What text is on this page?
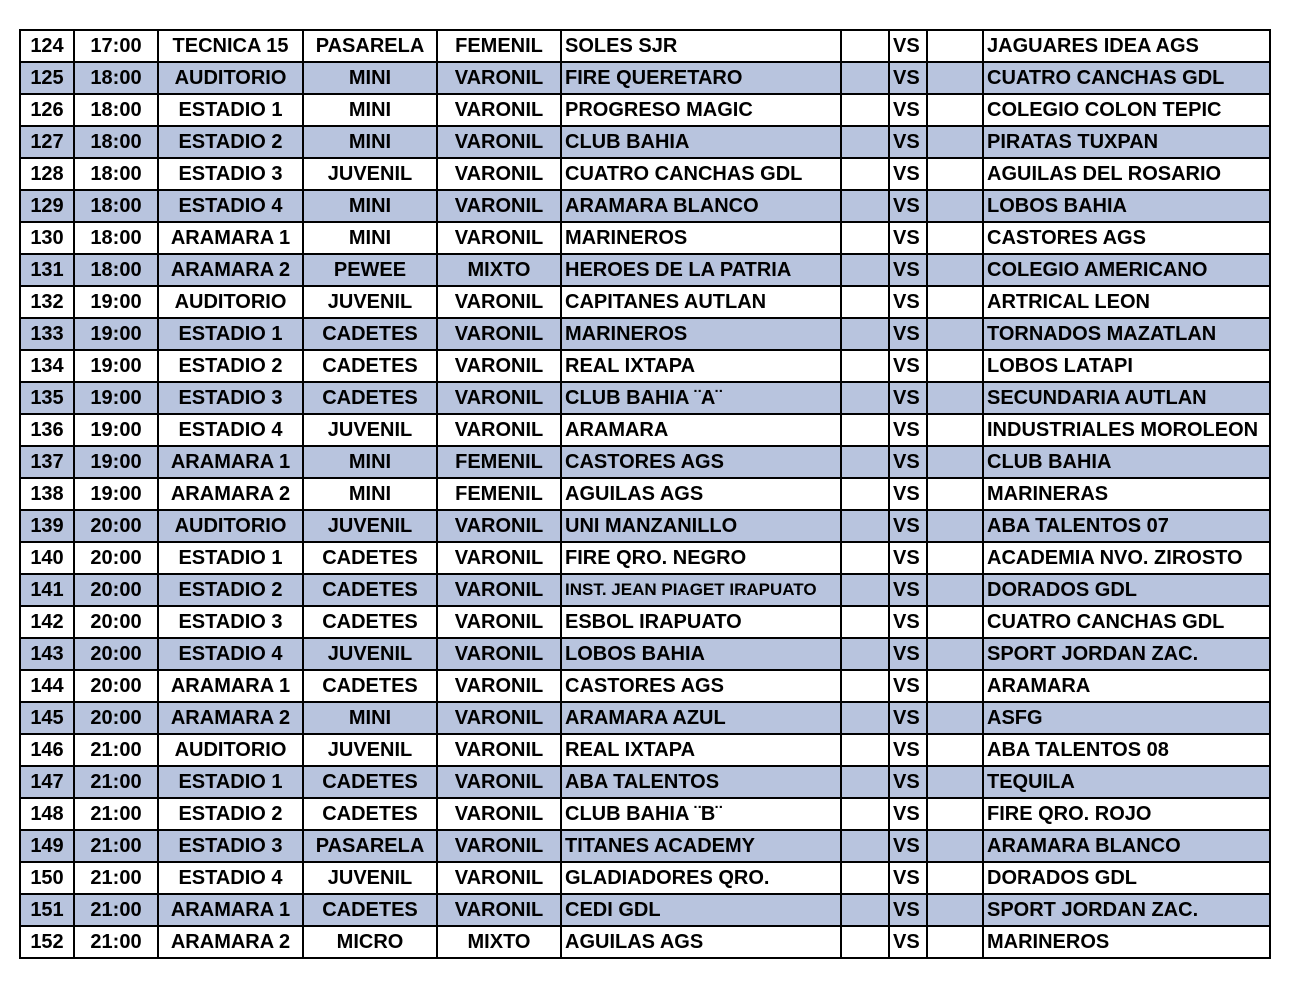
124	17:00	TECNICA 15	PASARELA	FEMENIL	SOLES SJR		VS		JAGUARES IDEA AGS
125	18:00	AUDITORIO	MINI	VARONIL	FIRE QUERETARO		VS		CUATRO CANCHAS GDL
126	18:00	ESTADIO 1	MINI	VARONIL	PROGRESO MAGIC		VS		COLEGIO COLON TEPIC
127	18:00	ESTADIO 2	MINI	VARONIL	CLUB BAHIA		VS		PIRATAS TUXPAN
128	18:00	ESTADIO 3	JUVENIL	VARONIL	CUATRO CANCHAS GDL		VS		AGUILAS DEL ROSARIO
129	18:00	ESTADIO 4	MINI	VARONIL	ARAMARA BLANCO		VS		LOBOS BAHIA
130	18:00	ARAMARA 1	MINI	VARONIL	MARINEROS		VS		CASTORES AGS
131	18:00	ARAMARA 2	PEWEE	MIXTO	HEROES DE LA PATRIA		VS		COLEGIO AMERICANO
132	19:00	AUDITORIO	JUVENIL	VARONIL	CAPITANES AUTLAN		VS		ARTRICAL LEON
133	19:00	ESTADIO 1	CADETES	VARONIL	MARINEROS		VS		TORNADOS MAZATLAN
134	19:00	ESTADIO 2	CADETES	VARONIL	REAL IXTAPA		VS		LOBOS LATAPI
135	19:00	ESTADIO 3	CADETES	VARONIL	CLUB BAHIA ¨A¨		VS		SECUNDARIA AUTLAN
136	19:00	ESTADIO 4	JUVENIL	VARONIL	ARAMARA		VS		INDUSTRIALES MOROLEON
137	19:00	ARAMARA 1	MINI	FEMENIL	CASTORES AGS		VS		CLUB BAHIA
138	19:00	ARAMARA 2	MINI	FEMENIL	AGUILAS AGS		VS		MARINERAS
139	20:00	AUDITORIO	JUVENIL	VARONIL	UNI MANZANILLO		VS		ABA TALENTOS 07
140	20:00	ESTADIO 1	CADETES	VARONIL	FIRE QRO. NEGRO		VS		ACADEMIA NVO. ZIROSTO
141	20:00	ESTADIO 2	CADETES	VARONIL	INST. JEAN PIAGET IRAPUATO		VS		DORADOS GDL
142	20:00	ESTADIO 3	CADETES	VARONIL	ESBOL IRAPUATO		VS		CUATRO CANCHAS GDL
143	20:00	ESTADIO 4	JUVENIL	VARONIL	LOBOS BAHIA		VS		SPORT JORDAN ZAC.
144	20:00	ARAMARA 1	CADETES	VARONIL	CASTORES AGS		VS		ARAMARA
145	20:00	ARAMARA 2	MINI	VARONIL	ARAMARA AZUL		VS		ASFG
146	21:00	AUDITORIO	JUVENIL	VARONIL	REAL IXTAPA		VS		ABA TALENTOS 08
147	21:00	ESTADIO 1	CADETES	VARONIL	ABA TALENTOS		VS		TEQUILA
148	21:00	ESTADIO 2	CADETES	VARONIL	CLUB BAHIA ¨B¨		VS		FIRE QRO. ROJO
149	21:00	ESTADIO 3	PASARELA	VARONIL	TITANES ACADEMY		VS		ARAMARA BLANCO
150	21:00	ESTADIO 4	JUVENIL	VARONIL	GLADIADORES QRO.		VS		DORADOS GDL
151	21:00	ARAMARA 1	CADETES	VARONIL	CEDI GDL		VS		SPORT JORDAN ZAC.
152	21:00	ARAMARA 2	MICRO	MIXTO	AGUILAS AGS		VS		MARINEROS
